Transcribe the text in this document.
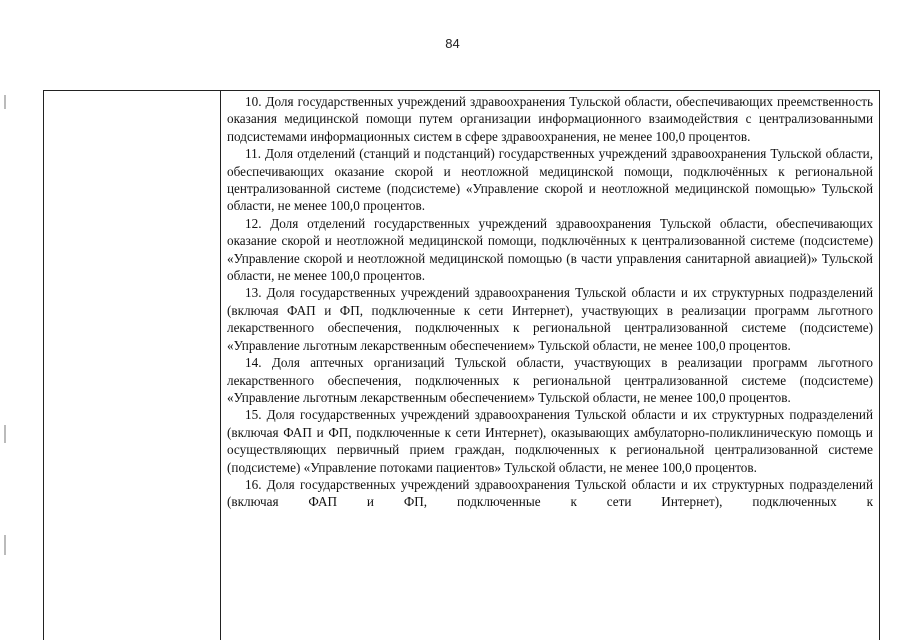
84

10. Доля государственных учреждений здравоохранения Тульской области, обеспечивающих преемственность оказания медицинской помощи путем организации информационного взаимодействия с централизованными подсистемами информационных систем в сфере здравоохранения, не менее 100,0 процентов.

11. Доля отделений (станций и подстанций) государственных учреждений здравоохранения Тульской области, обеспечивающих оказание скорой и неотложной медицинской помощи, подключённых к региональной централизованной системе (подсистеме) «Управление скорой и неотложной медицинской помощью» Тульской области, не менее 100,0 процентов.

12. Доля отделений государственных учреждений здравоохранения Тульской области, обеспечивающих оказание скорой и неотложной медицинской помощи, подключённых к централизованной системе (подсистеме) «Управление скорой и неотложной медицинской помощью (в части управления санитарной авиацией)» Тульской области, не менее 100,0 процентов.

13. Доля государственных учреждений здравоохранения Тульской области и их структурных подразделений (включая ФАП и ФП, подключенные к сети Интернет), участвующих в реализации программ льготного лекарственного обеспечения, подключенных к региональной централизованной системе (подсистеме) «Управление льготным лекарственным обеспечением» Тульской области, не менее 100,0 процентов.

14. Доля аптечных организаций Тульской области, участвующих в реализации программ льготного лекарственного обеспечения, подключенных к региональной централизованной системе (подсистеме) «Управление льготным лекарственным обеспечением» Тульской области, не менее 100,0 процентов.

15. Доля государственных учреждений здравоохранения Тульской области и их структурных подразделений (включая ФАП и ФП, подключенные к сети Интернет), оказывающих амбулаторно-поликлиническую помощь и осуществляющих первичный прием граждан, подключенных к региональной централизованной системе (подсистеме) «Управление потоками пациентов» Тульской области, не менее 100,0 процентов.

16. Доля государственных учреждений здравоохранения Тульской области и их структурных подразделений (включая ФАП и ФП, подключенные к сети Интернет), подключенных к
